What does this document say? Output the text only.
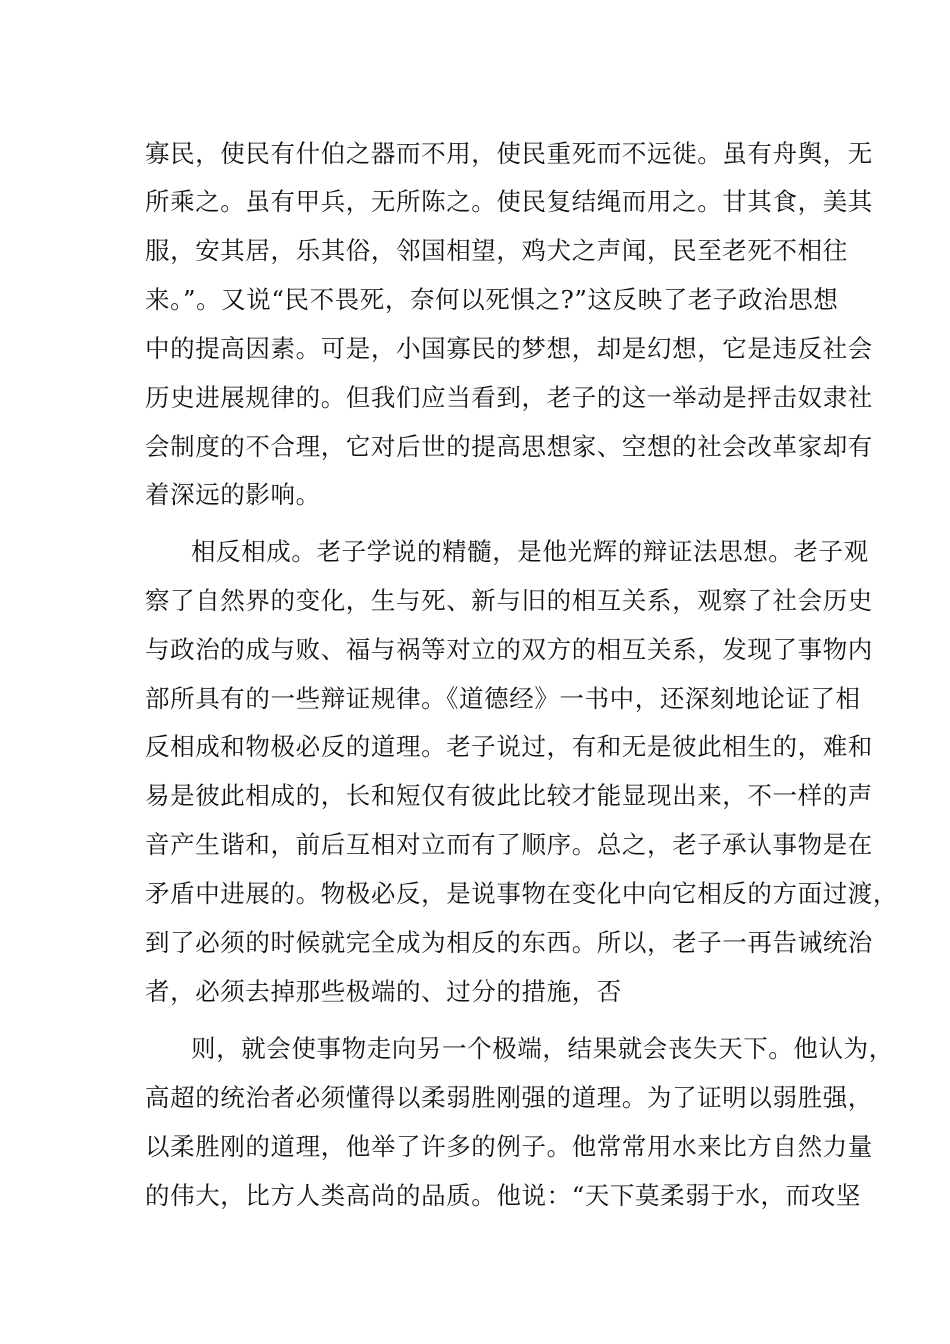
寡民，使民有什伯之器而不用，使民重死而不远徙。虽有舟舆，无
所乘之。虽有甲兵，无所陈之。使民复结绳而用之。甘其食，美其
服，安其居，乐其俗，邻国相望，鸡犬之声闻，民至老死不相往
来。”。又说“民不畏死，奈何以死惧之?”这反映了老子政治思想
中的提高因素。可是，小国寡民的梦想，却是幻想，它是违反社会
历史进展规律的。但我们应当看到，老子的这一举动是抨击奴隶社
会制度的不合理，它对后世的提高思想家、空想的社会改革家却有
着深远的影响。
相反相成。老子学说的精髓，是他光辉的辩证法思想。老子观
察了自然界的变化，生与死、新与旧的相互关系，观察了社会历史
与政治的成与败、福与祸等对立的双方的相互关系，发现了事物内
部所具有的一些辩证规律。《道德经》一书中，还深刻地论证了相
反相成和物极必反的道理。老子说过，有和无是彼此相生的，难和
易是彼此相成的，长和短仅有彼此比较才能显现出来，不一样的声
音产生谐和，前后互相对立而有了顺序。总之，老子承认事物是在
矛盾中进展的。物极必反，是说事物在变化中向它相反的方面过渡，
到了必须的时候就完全成为相反的东西。所以，老子一再告诫统治
者，必须去掉那些极端的、过分的措施，否
则，就会使事物走向另一个极端，结果就会丧失天下。他认为，
高超的统治者必须懂得以柔弱胜刚强的道理。为了证明以弱胜强，
以柔胜刚的道理，他举了许多的例子。他常常用水来比方自然力量
的伟大，比方人类高尚的品质。他说：“天下莫柔弱于水，而攻坚
